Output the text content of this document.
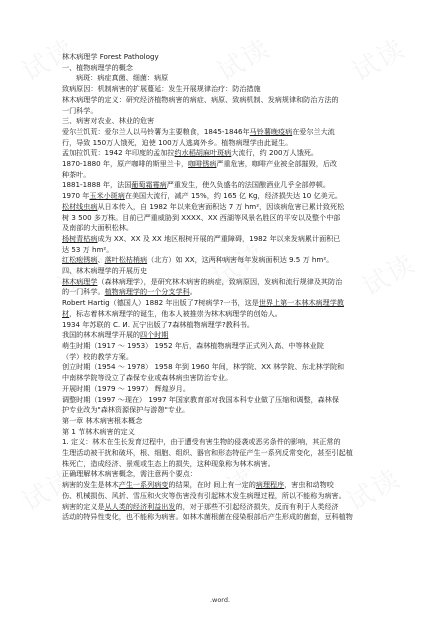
林木病理学 Forest Pathology
一、植物病理学的概念
病斑：病症真菌、细菌：病原
致病原因：机制病害的扩展蔓延：发生开展规律治疗：防治措施
林木病理学的定义：研究经济植物病害的病症、病原、致病机制、发病规律和防治方法的
一门科学。
三、病害对农业、林业的危害
爱尔兰饥荒：爱尔兰人以马铃薯为主要粮食，1845-1846年马铃薯晚疫病在爱尔兰大流
行，导致 150万人饿死，迫使 100万人逃离外乡。植物病理学由此诞生。
孟加拉饥荒：1942 年印度的孟加拉约水稻胡麻叶斑病大流行，约 200万人饿死。
1870-1880 年，原产咖啡的斯里兰卡，咖啡锈病严重危害，咖啡产业被全部摧毁，后改
种茶叶。
1881-1888 年，法国葡萄霜霉病严重发生，使久负盛名的法国酿酒业几乎全部停顿。
1970 年玉米小斑病在美国大流行，减产 15%，约 165 亿 Kg，经济损失达 10 亿美元。
松材线虫病从日本传入，自 1982 年以来危害面积达 7 万 hm²，因该病危害已累计致死松
树 3 500 多万株。目前已严重威胁到 XXXX、XX 西湖等风景名胜区的平安以及整个中部
及南部的大面积松林。
杨树青枯病成为 XX、XX 及 XX 地区根树开展的严重障碍，1982 年以来发病累计面积已
达 53 万 hm²。
红松疱锈病、落叶松枯梢病（北方）如 XX，这两种病害每年发病面积达 9.5 万 hm²。
四、林木病理学的开展历史
林木病理学（森林病理学），是研究林木病害的病症，致病原因，发病和流行规律及其防治
的一门科学。植物病理学的一个分支学科。
Robert Hartig（德国人）1882 年出版了7树病学?一书，这是世界上第一本林木病理学教
材，标志着林木病理学的诞生，他本人被推崇为林木病理学的创始人。
1934 年苏联的 C. И. 瓦宁出版了7森林植物病理学?教科书。
我国的林木病理学开展的四个时期
萌生时期（1917 ～ 1953） 1952 年后，森林植物病理学正式列入高、中等林业院
（学）校的教学方案。
创立时期（1954 ～ 1978） 1958 年到 1960 年间，林学院、XX 林学院、东北林学院和
中南林学院等设立了森保专业或森林病虫害防治专业。
开展时期（1979 ～ 1997） 辉煌岁月。
调整时期（1997 ～现在） 1997 年国家教育部对我国本科专业做了压缩和调整，森林保
护专业改为"森林资源保护与游憩"专业。
第一章 林木病害根本概念
第 1 节林木病害的定义
1. 定义：林木在生长发育过程中，由于遭受有害生物的侵袭或恶劣条件的影响，其正常的
生理活动被干扰和破坏，根、细胞、组织、器官和形态特征产生一系列反常变化，甚至引起植
株死亡，造成经济、景观或生态上的损失，这种现象称为林木病害。
正确理解林木病害概念，需注意两个要点：
病害的发生是林木产生一系列病变的结果，在时 间上有一定的病理程序，害虫和动物咬
伤、机械损伤、风折、雪压和火灾等伤害没有引起林木发生病理过程，所以不能称为病害。
病害的定义是从人类的经济利益出发的，对于那些不引起经济损失，反而有利于人类经济
活动的特异性变化，也不能称为病害。如林木菌根菌在侵染根部后产生形成的菌套，豆科植物
.word.
